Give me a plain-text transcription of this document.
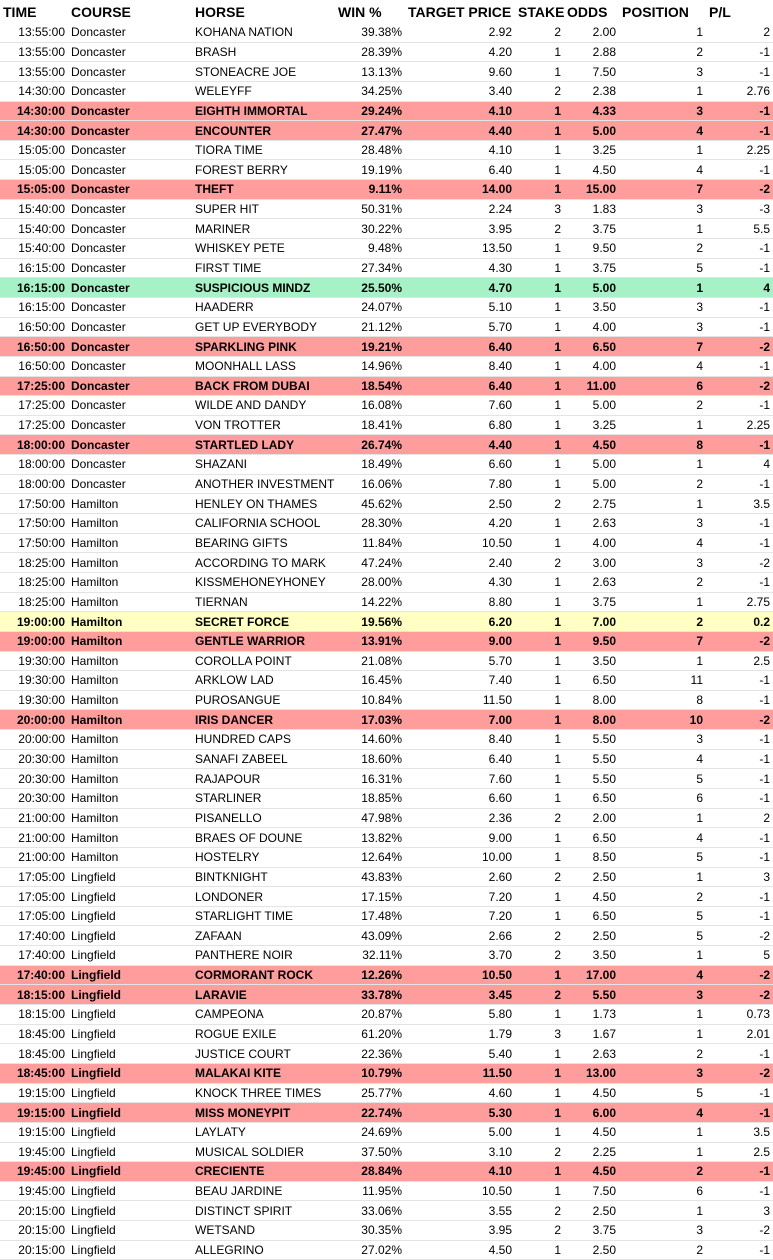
TIME	COURSE	HORSE	WIN %	TARGET PRICE	STAKE	ODDS	POSITION	P/L
13:55:00	Doncaster	KOHANA NATION	39.38%	2.92	2	2.00	1	2
13:55:00	Doncaster	BRASH	28.39%	4.20	1	2.88	2	-1
13:55:00	Doncaster	STONEACRE JOE	13.13%	9.60	1	7.50	3	-1
14:30:00	Doncaster	WELEYFF	34.25%	3.40	2	2.38	1	2.76
14:30:00	Doncaster	EIGHTH IMMORTAL	29.24%	4.10	1	4.33	3	-1
14:30:00	Doncaster	ENCOUNTER	27.47%	4.40	1	5.00	4	-1
15:05:00	Doncaster	TIORA TIME	28.48%	4.10	1	3.25	1	2.25
15:05:00	Doncaster	FOREST BERRY	19.19%	6.40	1	4.50	4	-1
15:05:00	Doncaster	THEFT	9.11%	14.00	1	15.00	7	-2
15:40:00	Doncaster	SUPER HIT	50.31%	2.24	3	1.83	3	-3
15:40:00	Doncaster	MARINER	30.22%	3.95	2	3.75	1	5.5
15:40:00	Doncaster	WHISKEY PETE	9.48%	13.50	1	9.50	2	-1
16:15:00	Doncaster	FIRST TIME	27.34%	4.30	1	3.75	5	-1
16:15:00	Doncaster	SUSPICIOUS MINDZ	25.50%	4.70	1	5.00	1	4
16:15:00	Doncaster	HAADERR	24.07%	5.10	1	3.50	3	-1
16:50:00	Doncaster	GET UP EVERYBODY	21.12%	5.70	1	4.00	3	-1
16:50:00	Doncaster	SPARKLING PINK	19.21%	6.40	1	6.50	7	-2
16:50:00	Doncaster	MOONHALL LASS	14.96%	8.40	1	4.00	4	-1
17:25:00	Doncaster	BACK FROM DUBAI	18.54%	6.40	1	11.00	6	-2
17:25:00	Doncaster	WILDE AND DANDY	16.08%	7.60	1	5.00	2	-1
17:25:00	Doncaster	VON TROTTER	18.41%	6.80	1	3.25	1	2.25
18:00:00	Doncaster	STARTLED LADY	26.74%	4.40	1	4.50	8	-1
18:00:00	Doncaster	SHAZANI	18.49%	6.60	1	5.00	1	4
18:00:00	Doncaster	ANOTHER INVESTMENT	16.06%	7.80	1	5.00	2	-1
17:50:00	Hamilton	HENLEY ON THAMES	45.62%	2.50	2	2.75	1	3.5
17:50:00	Hamilton	CALIFORNIA SCHOOL	28.30%	4.20	1	2.63	3	-1
17:50:00	Hamilton	BEARING GIFTS	11.84%	10.50	1	4.00	4	-1
18:25:00	Hamilton	ACCORDING TO MARK	47.24%	2.40	2	3.00	3	-2
18:25:00	Hamilton	KISSMEHONEYHONEY	28.00%	4.30	1	2.63	2	-1
18:25:00	Hamilton	TIERNAN	14.22%	8.80	1	3.75	1	2.75
19:00:00	Hamilton	SECRET FORCE	19.56%	6.20	1	7.00	2	0.2
19:00:00	Hamilton	GENTLE WARRIOR	13.91%	9.00	1	9.50	7	-2
19:30:00	Hamilton	COROLLA POINT	21.08%	5.70	1	3.50	1	2.5
19:30:00	Hamilton	ARKLOW LAD	16.45%	7.40	1	6.50	11	-1
19:30:00	Hamilton	PUROSANGUE	10.84%	11.50	1	8.00	8	-1
20:00:00	Hamilton	IRIS DANCER	17.03%	7.00	1	8.00	10	-2
20:00:00	Hamilton	HUNDRED CAPS	14.60%	8.40	1	5.50	3	-1
20:30:00	Hamilton	SANAFI ZABEEL	18.60%	6.40	1	5.50	4	-1
20:30:00	Hamilton	RAJAPOUR	16.31%	7.60	1	5.50	5	-1
20:30:00	Hamilton	STARLINER	18.85%	6.60	1	6.50	6	-1
21:00:00	Hamilton	PISANELLO	47.98%	2.36	2	2.00	1	2
21:00:00	Hamilton	BRAES OF DOUNE	13.82%	9.00	1	6.50	4	-1
21:00:00	Hamilton	HOSTELRY	12.64%	10.00	1	8.50	5	-1
17:05:00	Lingfield	BINTKNIGHT	43.83%	2.60	2	2.50	1	3
17:05:00	Lingfield	LONDONER	17.15%	7.20	1	4.50	2	-1
17:05:00	Lingfield	STARLIGHT TIME	17.48%	7.20	1	6.50	5	-1
17:40:00	Lingfield	ZAFAAN	43.09%	2.66	2	2.50	5	-2
17:40:00	Lingfield	PANTHERE NOIR	32.11%	3.70	2	3.50	1	5
17:40:00	Lingfield	CORMORANT ROCK	12.26%	10.50	1	17.00	4	-2
18:15:00	Lingfield	LARAVIE	33.78%	3.45	2	5.50	3	-2
18:15:00	Lingfield	CAMPEONA	20.87%	5.80	1	1.73	1	0.73
18:45:00	Lingfield	ROGUE EXILE	61.20%	1.79	3	1.67	1	2.01
18:45:00	Lingfield	JUSTICE COURT	22.36%	5.40	1	2.63	2	-1
18:45:00	Lingfield	MALAKAI KITE	10.79%	11.50	1	13.00	3	-2
19:15:00	Lingfield	KNOCK THREE TIMES	25.77%	4.60	1	4.50	5	-1
19:15:00	Lingfield	MISS MONEYPIT	22.74%	5.30	1	6.00	4	-1
19:15:00	Lingfield	LAYLATY	24.69%	5.00	1	4.50	1	3.5
19:45:00	Lingfield	MUSICAL SOLDIER	37.50%	3.10	2	2.25	1	2.5
19:45:00	Lingfield	CRECIENTE	28.84%	4.10	1	4.50	2	-1
19:45:00	Lingfield	BEAU JARDINE	11.95%	10.50	1	7.50	6	-1
20:15:00	Lingfield	DISTINCT SPIRIT	33.06%	3.55	2	2.50	1	3
20:15:00	Lingfield	WETSAND	30.35%	3.95	2	3.75	3	-2
20:15:00	Lingfield	ALLEGRINO	27.02%	4.50	1	2.50	2	-1
